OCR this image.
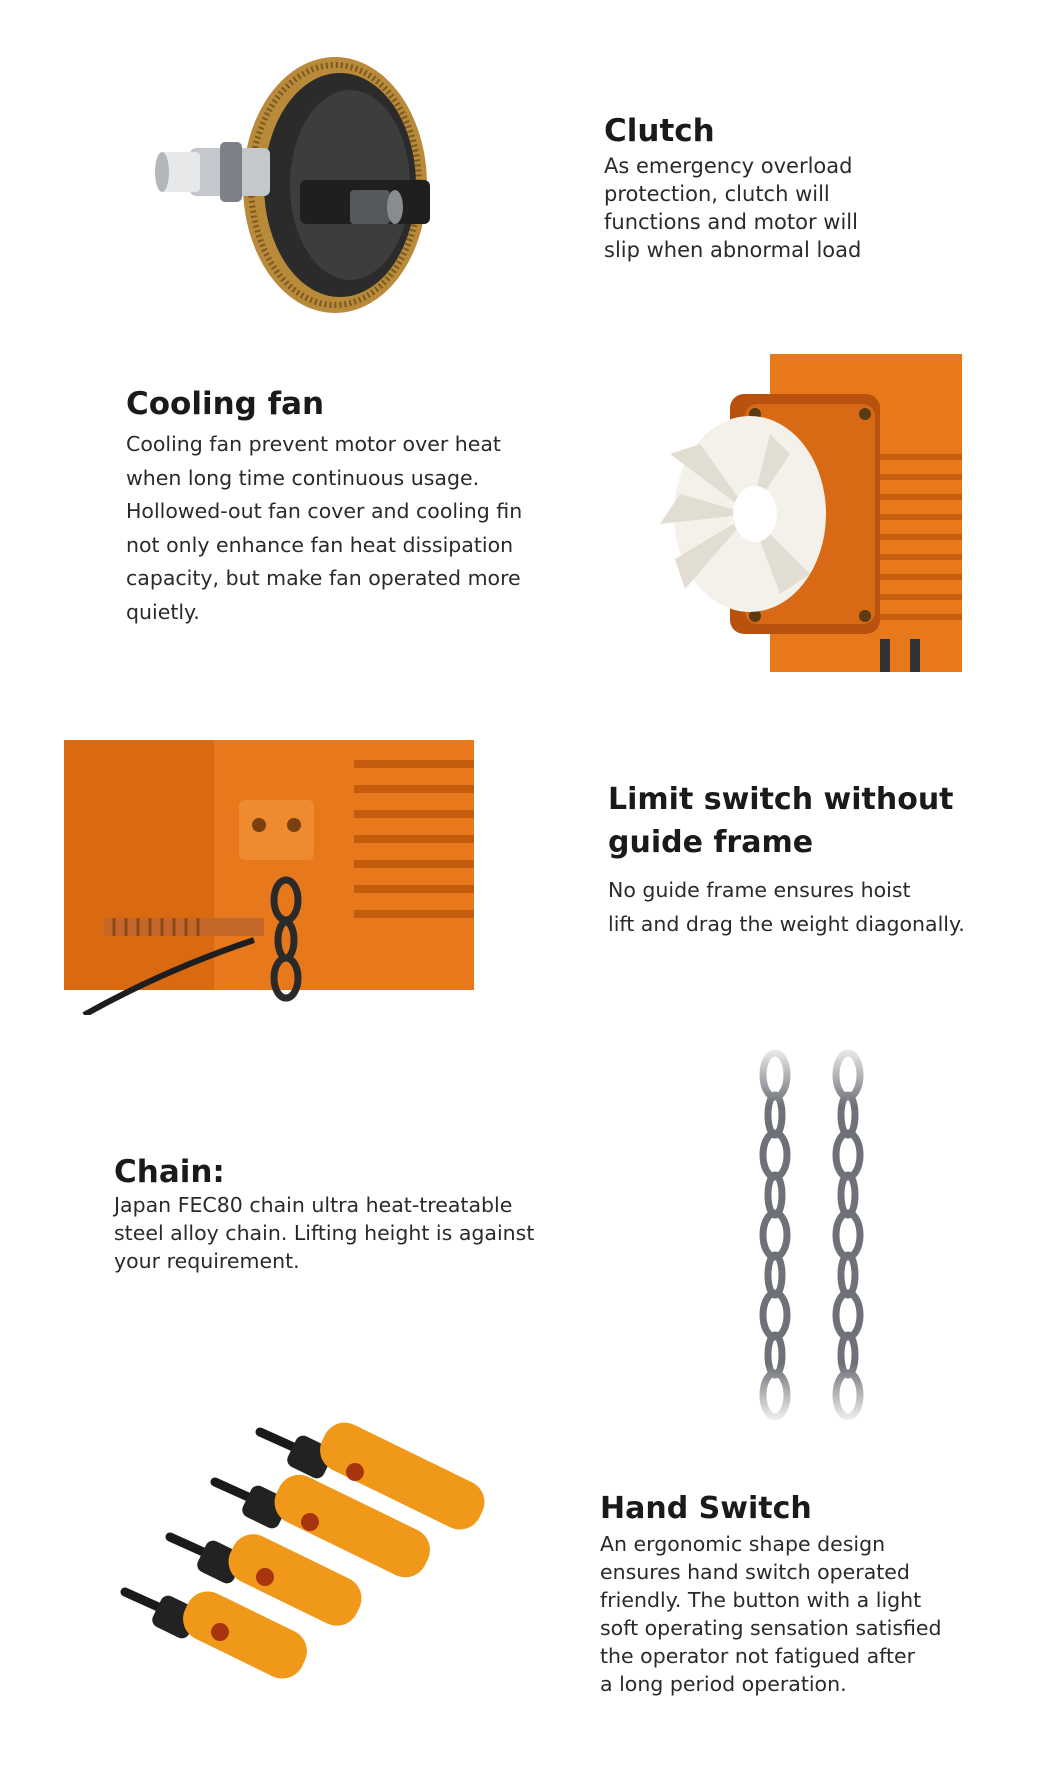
Clutch

As emergency overload
protection, clutch will
functions and motor will
slip when abnormal load

Cooling fan

Cooling fan prevent motor over heat
when long time continuous usage.
Hollowed-out fan cover and cooling fin
not only enhance fan heat dissipation
capacity, but make fan operated more
quietly.

Limit switch without
guide frame

No guide frame ensures hoist
lift and drag the weight diagonally.

Chain:

Japan FEC80 chain ultra heat-treatable
steel alloy chain. Lifting height is against
your requirement.

Hand Switch

An ergonomic shape design
ensures hand switch operated
friendly. The button with a light
soft operating sensation satisfied
the operator not fatigued after
a long period operation.
